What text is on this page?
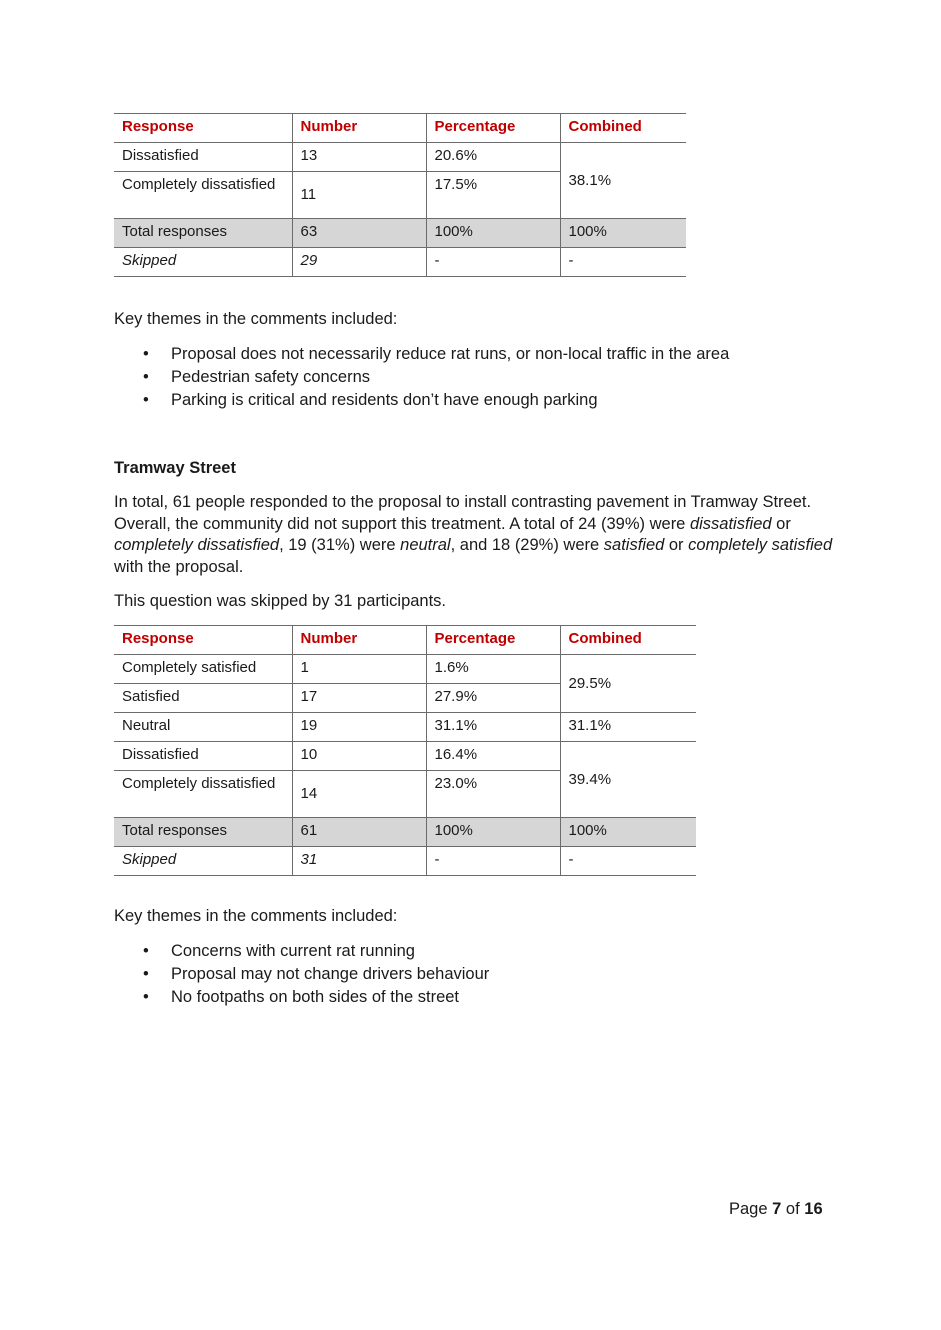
Response	Number	Percentage	Combined
Dissatisfied	13	20.6%	38.1%
Completely dissatisfied	11	17.5%	
Total responses	63	100%	100%
Skipped	29	-	-
Key themes in the comments included:
• Proposal does not necessarily reduce rat runs, or non-local traffic in the area
• Pedestrian safety concerns
• Parking is critical and residents don’t have enough parking
Tramway Street
In total, 61 people responded to the proposal to install contrasting pavement in Tramway Street. Overall, the community did not support this treatment. A total of 24 (39%) were dissatisfied or completely dissatisfied, 19 (31%) were neutral, and 18 (29%) were satisfied or completely satisfied with the proposal.
This question was skipped by 31 participants.
Response	Number	Percentage	Combined
Completely satisfied	1	1.6%	29.5%
Satisfied	17	27.9%	
Neutral	19	31.1%	31.1%
Dissatisfied	10	16.4%	39.4%
Completely dissatisfied	14	23.0%	
Total responses	61	100%	100%
Skipped	31	-	-
Key themes in the comments included:
• Concerns with current rat running
• Proposal may not change drivers behaviour
• No footpaths on both sides of the street
Page 7 of 16
